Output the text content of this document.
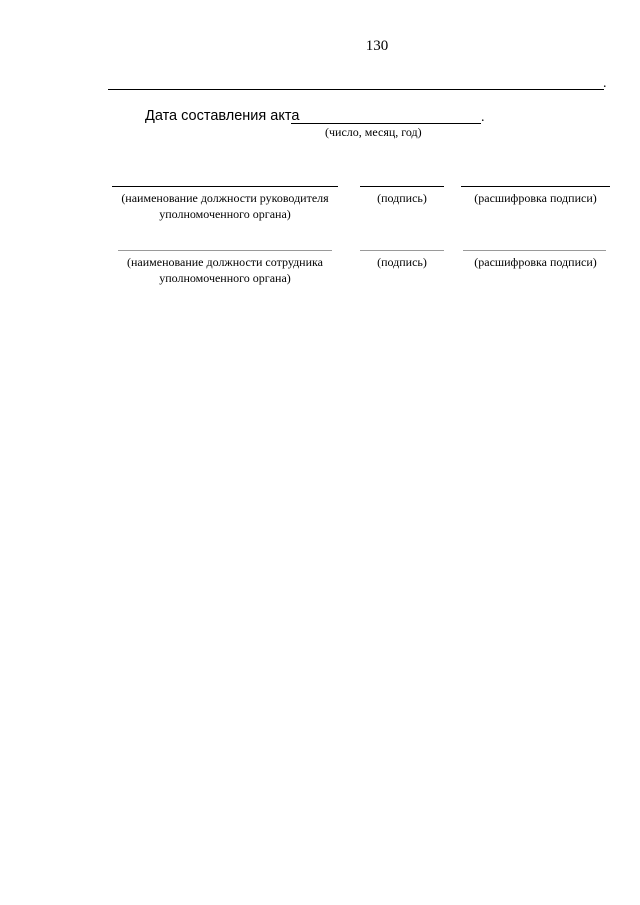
130
.
Дата составления акта	.
(число, месяц, год)
(наименование должности руководителя
уполномоченного органа)
(подпись)	(расшифровка подписи)
(наименование должности сотрудника
уполномоченного органа)
(подпись)	(расшифровка подписи)
